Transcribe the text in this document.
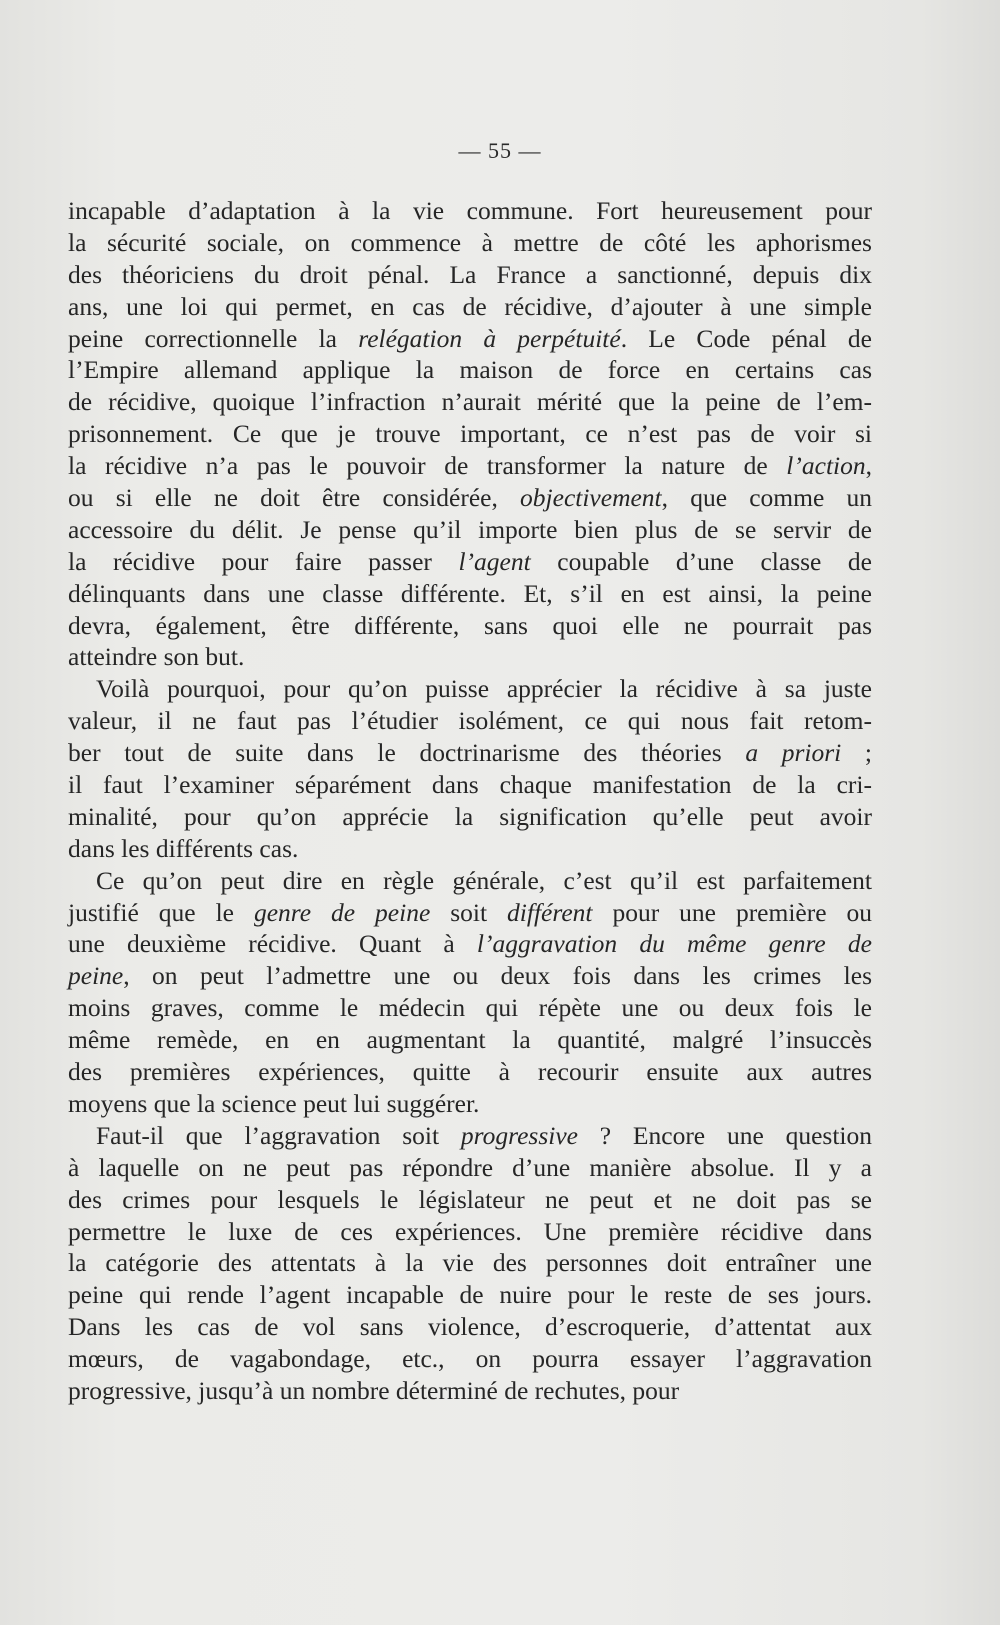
— 55 —
incapable d’adaptation à la vie commune. Fort heureusement pour
la sécurité sociale, on commence à mettre de côté les aphorismes
des théoriciens du droit pénal. La France a sanctionné, depuis dix
ans, une loi qui permet, en cas de récidive, d’ajouter à une simple
peine correctionnelle la relégation à perpétuité. Le Code pénal de
l’Empire allemand applique la maison de force en certains cas
de récidive, quoique l’infraction n’aurait mérité que la peine de l’em-
prisonnement. Ce que je trouve important, ce n’est pas de voir si
la récidive n’a pas le pouvoir de transformer la nature de l’action,
ou si elle ne doit être considérée, objectivement, que comme un
accessoire du délit. Je pense qu’il importe bien plus de se servir de
la récidive pour faire passer l’agent coupable d’une classe de
délinquants dans une classe différente. Et, s’il en est ainsi, la peine
devra, également, être différente, sans quoi elle ne pourrait pas
atteindre son but.
Voilà pourquoi, pour qu’on puisse apprécier la récidive à sa juste
valeur, il ne faut pas l’étudier isolément, ce qui nous fait retom-
ber tout de suite dans le doctrinarisme des théories a priori ;
il faut l’examiner séparément dans chaque manifestation de la cri-
minalité, pour qu’on apprécie la signification qu’elle peut avoir
dans les différents cas.
Ce qu’on peut dire en règle générale, c’est qu’il est parfaitement
justifié que le genre de peine soit différent pour une première ou
une deuxième récidive. Quant à l’aggravation du même genre de
peine, on peut l’admettre une ou deux fois dans les crimes les
moins graves, comme le médecin qui répète une ou deux fois le
même remède, en en augmentant la quantité, malgré l’insuccès
des premières expériences, quitte à recourir ensuite aux autres
moyens que la science peut lui suggérer.
Faut-il que l’aggravation soit progressive ? Encore une question
à laquelle on ne peut pas répondre d’une manière absolue. Il y a
des crimes pour lesquels le législateur ne peut et ne doit pas se
permettre le luxe de ces expériences. Une première récidive dans
la catégorie des attentats à la vie des personnes doit entraîner une
peine qui rende l’agent incapable de nuire pour le reste de ses jours.
Dans les cas de vol sans violence, d’escroquerie, d’attentat aux
mœurs, de vagabondage, etc., on pourra essayer l’aggravation
progressive, jusqu’à un nombre déterminé de rechutes, pour
